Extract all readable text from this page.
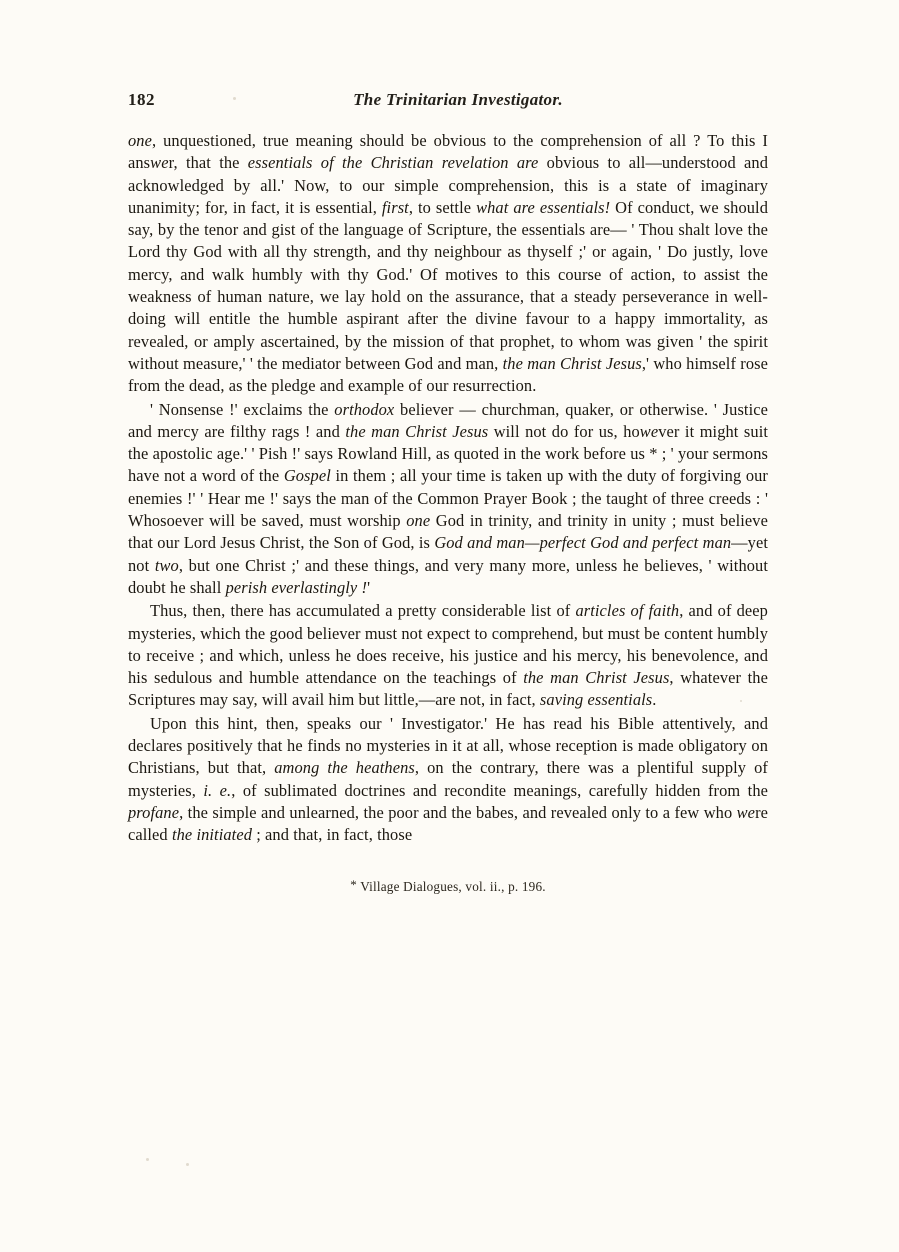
182	The Trinitarian Investigator.

one, unquestioned, true meaning should be obvious to the comprehension of all ? To this I answer, that the essentials of the Christian revelation are obvious to all—understood and acknowledged by all.' Now, to our simple comprehension, this is a state of imaginary unanimity; for, in fact, it is essential, first, to settle what are essentials! Of conduct, we should say, by the tenor and gist of the language of Scripture, the essentials are— ' Thou shalt love the Lord thy God with all thy strength, and thy neighbour as thyself ;' or again, ' Do justly, love mercy, and walk humbly with thy God.' Of motives to this course of action, to assist the weakness of human nature, we lay hold on the assurance, that a steady perseverance in well-doing will entitle the humble aspirant after the divine favour to a happy immortality, as revealed, or amply ascertained, by the mission of that prophet, to whom was given ' the spirit without measure,' ' the mediator between God and man, the man Christ Jesus,' who himself rose from the dead, as the pledge and example of our resurrection.

' Nonsense !' exclaims the orthodox believer — churchman, quaker, or otherwise. ' Justice and mercy are filthy rags ! and the man Christ Jesus will not do for us, however it might suit the apostolic age.' ' Pish !' says Rowland Hill, as quoted in the work before us * ; ' your sermons have not a word of the Gospel in them ; all your time is taken up with the duty of forgiving our enemies !' ' Hear me !' says the man of the Common Prayer Book ; the taught of three creeds : ' Whosoever will be saved, must worship one God in trinity, and trinity in unity ; must believe that our Lord Jesus Christ, the Son of God, is God and man—perfect God and perfect man—yet not two, but one Christ ;' and these things, and very many more, unless he believes, ' without doubt he shall perish everlastingly !'

Thus, then, there has accumulated a pretty considerable list of articles of faith, and of deep mysteries, which the good believer must not expect to comprehend, but must be content humbly to receive ; and which, unless he does receive, his justice and his mercy, his benevolence, and his sedulous and humble attendance on the teachings of the man Christ Jesus, whatever the Scriptures may say, will avail him but little,—are not, in fact, saving essentials.

Upon this hint, then, speaks our ' Investigator.' He has read his Bible attentively, and declares positively that he finds no mysteries in it at all, whose reception is made obligatory on Christians, but that, among the heathens, on the contrary, there was a plentiful supply of mysteries, i. e., of sublimated doctrines and recondite meanings, carefully hidden from the profane, the simple and unlearned, the poor and the babes, and revealed only to a few who were called the initiated ; and that, in fact, those

* Village Dialogues, vol. ii., p. 196.
